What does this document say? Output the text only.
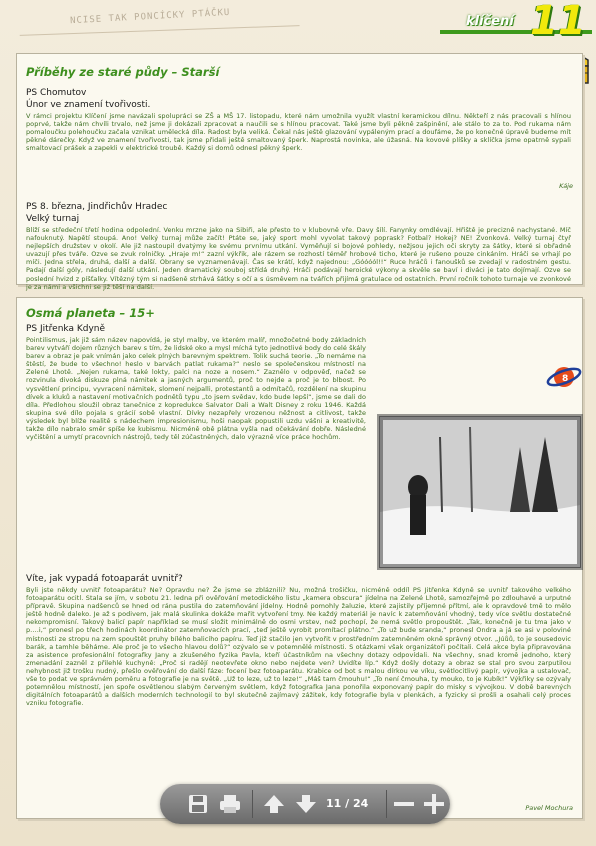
NCISE TAK PONCÍCKY PTÁČKU	klíčení 11
Příběhy ze staré půdy – Starší
PS Chomutov
Únor ve znamení tvořivosti.
V rámci projektu Klíčení jsme navázali spolupráci se ZŠ a MŠ 17. listopadu, které nám umožnila využít vlastní keramickou dílnu. Někteří z nás pracovali s hlínou poprvé, takže nám chvíli trvalo, než jsme ji dokázali zpracovat a naučili se s hlínou pracovat. Také jsme byli pěkně zašpinění, ale stálo to za to. Pod rukama nám pomaloučku polehoučku začala vznikat umělecká díla. Radost byla veliká. Čekal nás ještě glazování vypáleným prací a doufáme, že po konečné úpravě budeme mít pěkné dárečky. Když ve znamení tvořivosti, tak jsme přidali ještě smaltovaný šperk. Naprostá novinka, ale úžasná. Na kovové plíšky a sklíčka jsme opatrně sypali smaltovací prášek a zapekli v elektrické troubě. Každý si domů odnesl pěkný šperk.
Káje
PS 8. března, Jindřichův Hradec
Velký turnaj
Blíží se středeční třetí hodina odpolední. Venku mrzne jako na Sibiři, ale přesto to v klubovně vře. Davy šílí. Fanynky omdlévají. Hřiště je precizně nachystané. Míč nafouknutý. Napětí stoupá. Ano! Velký turnaj může začít! Ptáte se, jaký sport mohl vyvolat takový poprask? Fotbal? Hokej? NE! Zvonková. Velký turnaj čtyř nejlepších družstev v okolí. Ale již nastoupil dvatýmy ke svému prvnímu utkání. Vyměňují si bojové pohledy, nežjsou jejich oči skryty za šátky, které si obřadně uvazují přes tváře. Ozve se zvuk rolničky. „Hraje m!“ zazní výkřik, ale rázem se rozhostí téměř hrobové ticho, které je rušeno pouze cinkáním. Hráči se vrhají po míči. Jedna střela, druhá, další a další. Obrany se vyznamenávají. Čas se krátí, když najednou: „Góóóól!!“ Ruce hráčů i fanoušků se zvedají v radostném gestu. Padají další góly, následují další utkání. Jeden dramatický souboj střídá druhý. Hráči podávají heroické výkony a skvěle se baví i diváci je tato dojímají. Ozve se poslední hvizd z píšťalky. Vítězný tým si nadšeně strhává šátky s očí a s úsměvem na tvářích přijímá gratulace od ostatních. První ročník tohoto turnaje ve zvonkové je za námi a všichni se již těší na další.
Osmá planeta – 15+
PS Jitřenka Kdyně
Pointilismus, jak již sám název napovídá, je styl malby, ve kterém malíř, množočetné body základních barev vytváří dojem různých barev s tím, že lidské oko a mysl míchá tyto jednotlivé body do celé škály barev a obraz je pak vnímán jako celek plných barevným spektrem. Tolik suchá teorie. „To nemáme na štěstí, že bude to všechno! heslo v barvách patlat rukama?“ neslo se společenskou místností na Zelené Lhotě. „Nejen rukama, také lokty, palci na noze a nosem.“ Zaznělo v odpověď, načež se rozvinula divoká diskuze plná námitek a jasných argumentů, proč to nejde a proč je to blbost. Po vysvětlení principu, vyvracení námitek, slomení nejpalli, protestantů a odmítačů, rozdělení na skupinu dívek a kluků a nastavení motivačních podnětů typu „to jsem svědav, kdo bude lepší“, jsme se dali do díla. Předlohou sloužil obraz tanečnice z kopredukce Salvator Dali a Walt Disney z roku 1946. Každá skupina své dílo pojala s grácií sobě vlastní. Dívky nezapřely vrozenou něžnost a citlivost, takže výsledek byl blíže realitě s nádechem impresionismu, hoši naopak popustili uzdu vášni a kreativitě, takže dílo nabralo směr spíše ke kubismu. Nicméně obě plátna vyšla nad očekávání dobře. Následné vyčištění a umytí pracovních nástrojů, tedy těl zúčastněných, dalo výrazně více práce hochům.
Víte, jak vypadá fotoaparát uvnitř?
Byli jste někdy uvnitř fotoaparátu? Ne? Opravdu ne? Že jsme se zbláznili? Nu, možná trošičku, nicméně oddíl PS Jitřenka Kdyně se uvnitř takového velkého fotoaparátu ocitl. Stala se jím, v sobotu 21. ledna při ověřování metodického listu „kamera obscura“ jídelna na Zelené Lhotě, samozřejmě po zdlouhavé a urputné přípravě. Skupina nadšenců se hned od rána pustila do zatemňování jídelny. Hodně pomohly žaluzie, které zajistily příjemné přítmí, ale k opravdové tmě to mělo ještě hodně daleko. Je až s podivem, jak malá skulinka dokáže mařit vytvoření tmy. Ne každý materiál je navíc k zatemňování vhodný, tedy více světlu dostatečné nekompromisní. Takový balicí papír například se musí složit minimálně do osmi vrstev, než pochopí, že nemá světlo propouštět. „Tak, konečně je tu tma jako v p….i,“ pronesl po třech hodinách koordinátor zatemňovacích prací, „teď ještě vyrobit promítací plátno.“ „To už bude sranda,“ pronesl Ondra a já se asi v poloviné místnosti ze stropu na zem spouštět pruhy bílého balicího papíru. Teď již stačilo jen vytvořit v prostředním zatemněném okně správný otvor. „Júůů, to je sousedovic barák, a tamhle běháme. Ale proč je to všecho hlavou dolů?“ ozývalo se v potemnělé místnosti. S otázkami však organizátoři počítali. Celá akce byla připravována za asistence profesionální fotografky Jany a zkušeného fyzika Pavla, kteří účastníkům na všechny dotazy odpovídali. Na všechny, snad kromě jednoho, který zmenadání zazněl z přilehlé kuchyně: „Proč si radějí neotevřete okno nebo nejdete ven? Uvidíte líp.“ Když došly dotazy a obraz se stal pro svou zarputilou nehybnost již trošku nudný, přešlo ověřování do další fáze: focení bez fotoaparátu. Krabice od bot s malou dírkou ve víku, světlocitlivý papír, vývojka a ustalovač, vše to podat ve správném poměru a fotografie je na světě. „Už to leze, už to leze!“ „Máš tam čmouhu!“ „To není čmouha, ty mouko, to je Kubík!“ Výkřiky se ozývaly potemnělou místností, jen spoře osvětlenou slabým červeným světlem, když fotografka Jana ponořila exponovaný papír do misky s vývojkou. V době barevných digitálních fotoaparátů a dalších moderních technologií to byl skutečně zajímavý zážitek, kdy fotografie byla v plenkách, a fyzicky si prošli a osahali celý proces vzniku fotografie.
Pavel Mochura
8
11 / 24
